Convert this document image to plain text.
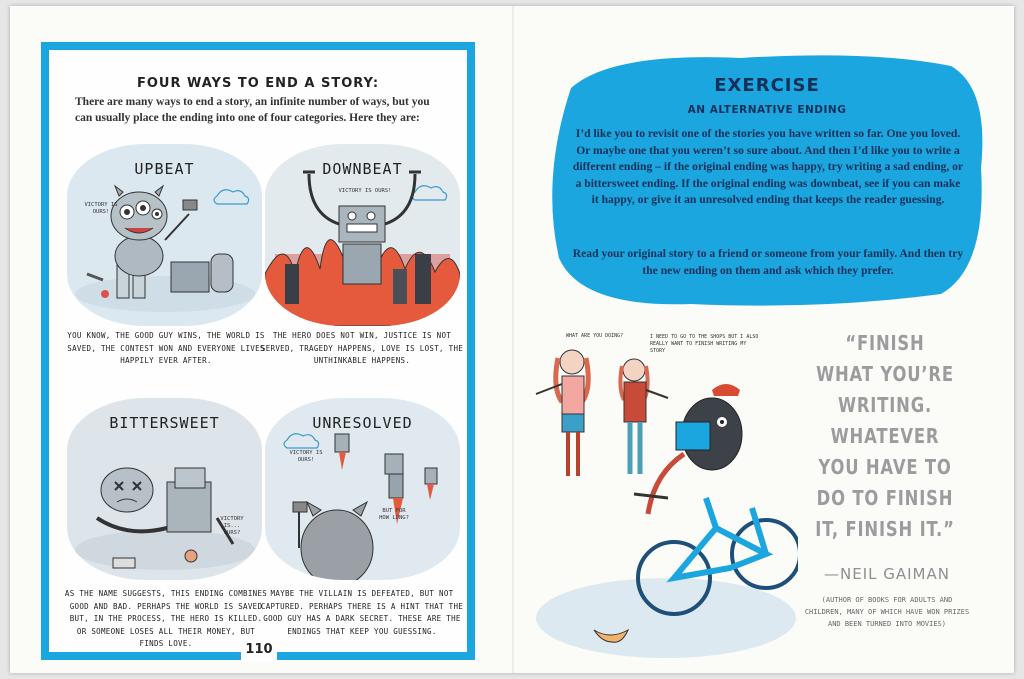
FOUR WAYS TO END A STORY:
There are many ways to end a story, an infinite number of ways, but you can usually place the ending into one of four categories. Here they are:
UPBEAT
VICTORY IS OURS!
YOU KNOW, THE GOOD GUY WINS, THE WORLD IS SAVED, THE CONTEST WON AND EVERYONE LIVES HAPPILY EVER AFTER.
DOWNBEAT
VICTORY IS OURS!
THE HERO DOES NOT WIN, JUSTICE IS NOT SERVED, TRAGEDY HAPPENS, LOVE IS LOST, THE UNTHINKABLE HAPPENS.
BITTERSWEET
VICTORY IS... OURS?
AS THE NAME SUGGESTS, THIS ENDING COMBINES GOOD AND BAD. PERHAPS THE WORLD IS SAVED BUT, IN THE PROCESS, THE HERO IS KILLED. OR SOMEONE LOSES ALL THEIR MONEY, BUT FINDS LOVE.
UNRESOLVED
VICTORY IS OURS!
BUT FOR HOW LONG?
MAYBE THE VILLAIN IS DEFEATED, BUT NOT CAPTURED. PERHAPS THERE IS A HINT THAT THE GOOD GUY HAS A DARK SECRET. THESE ARE THE ENDINGS THAT KEEP YOU GUESSING.
110
EXERCISE
AN ALTERNATIVE ENDING
I’d like you to revisit one of the stories you have written so far. One you loved. Or maybe one that you weren’t so sure about. And then I’d like you to write a different ending – if the original ending was happy, try writing a sad ending, or a bittersweet ending. If the original ending was downbeat, see if you can make it happy, or give it an unresolved ending that keeps the reader guessing.
Read your original story to a friend or someone from your family. And then try the new ending on them and ask which they prefer.
WHAT ARE YOU DOING?	I NEED TO GO TO THE SHOPS BUT I ALSO REALLY WANT TO FINISH WRITING MY STORY	“FINISH WHAT YOU’RE WRITING. WHATEVER YOU HAVE TO DO TO FINISH IT, FINISH IT.”
—NEIL GAIMAN
(AUTHOR OF BOOKS FOR ADULTS AND CHILDREN, MANY OF WHICH HAVE WON PRIZES AND BEEN TURNED INTO MOVIES)
